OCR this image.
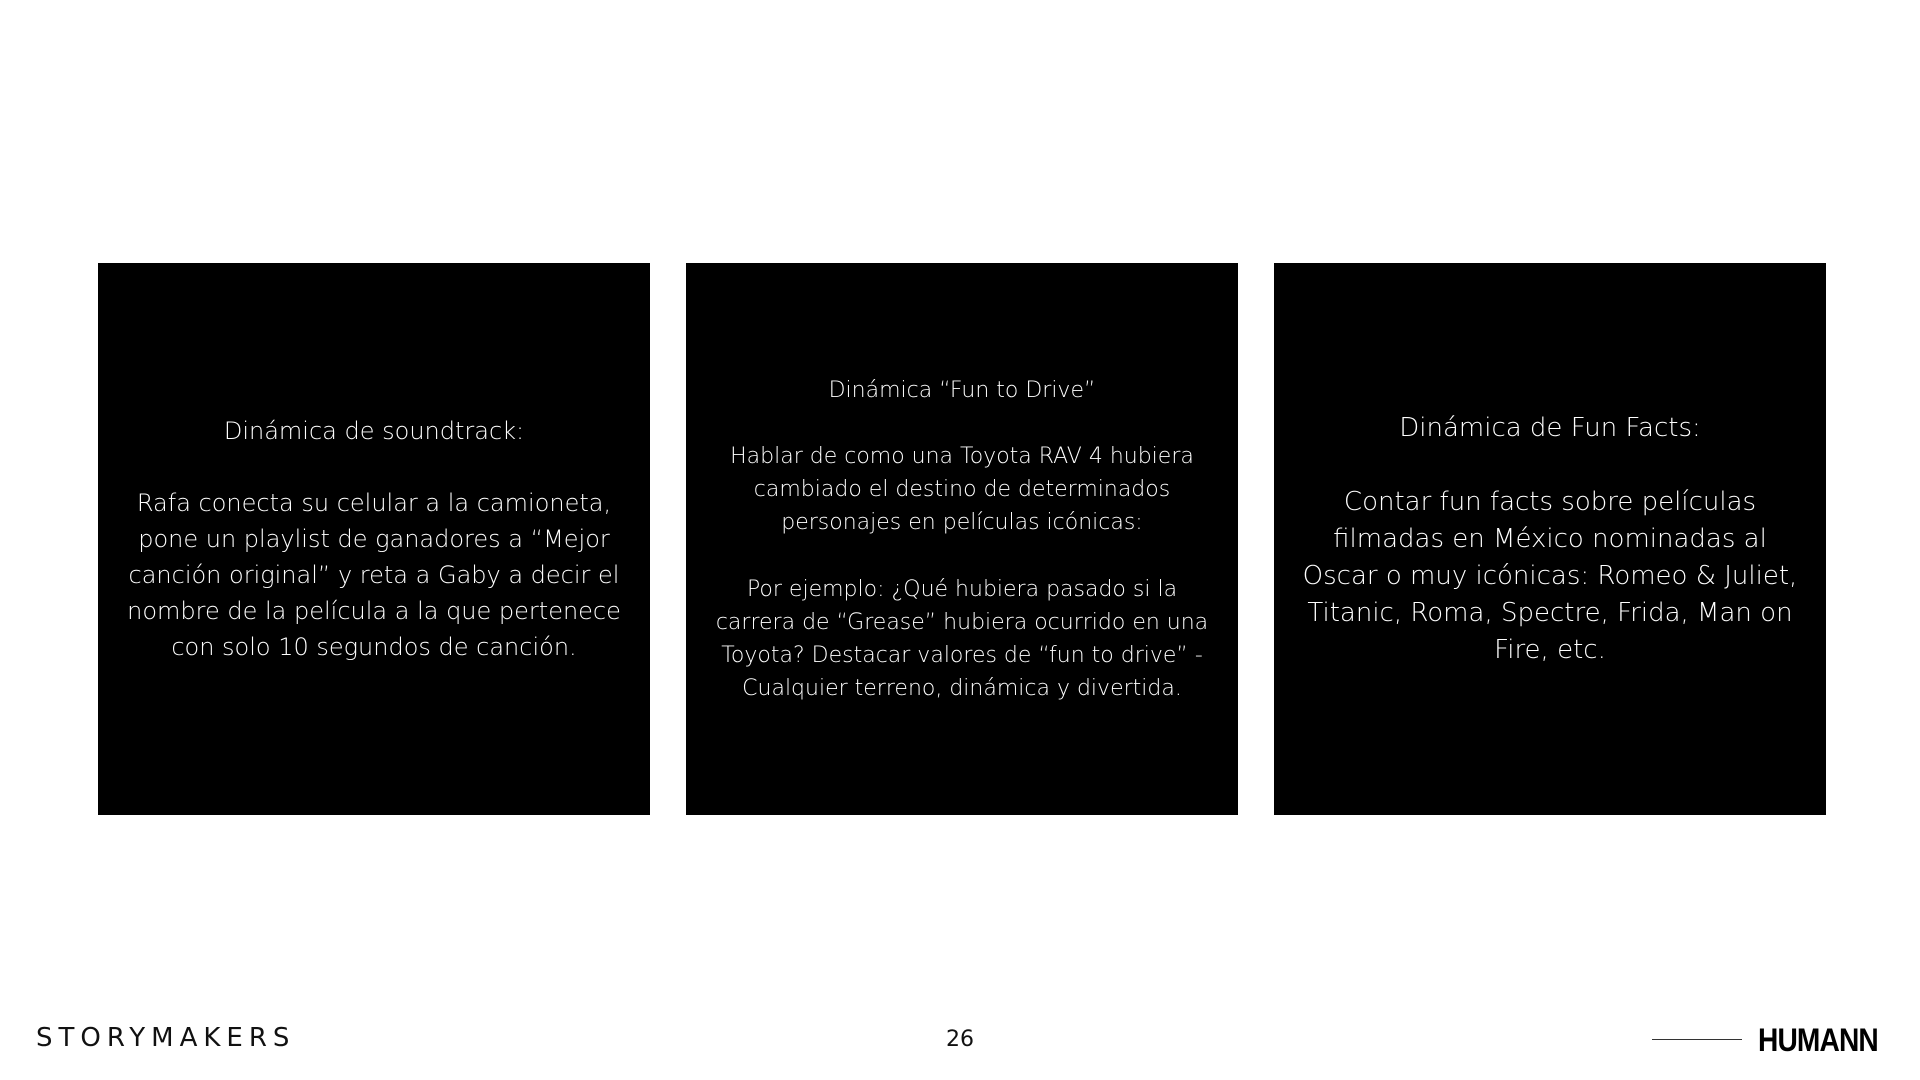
Dinámica de soundtrack:

Rafa conecta su celular a la camioneta, pone un playlist de ganadores a “Mejor canción original” y reta a Gaby a decir el nombre de la película a la que pertenece con solo 10 segundos de canción.

Dinámica “Fun to Drive”

Hablar de como una Toyota RAV 4 hubiera cambiado el destino de determinados personajes en películas icónicas:

Por ejemplo: ¿Qué hubiera pasado si la carrera de “Grease” hubiera ocurrido en una Toyota? Destacar valores de “fun to drive” - Cualquier terreno, dinámica y divertida.

Dinámica de Fun Facts:

Contar fun facts sobre películas filmadas en México nominadas al Oscar o muy icónicas: Romeo & Juliet, Titanic, Roma, Spectre, Frida, Man on Fire, etc.

STORYMAKERS	26	HUMANN
